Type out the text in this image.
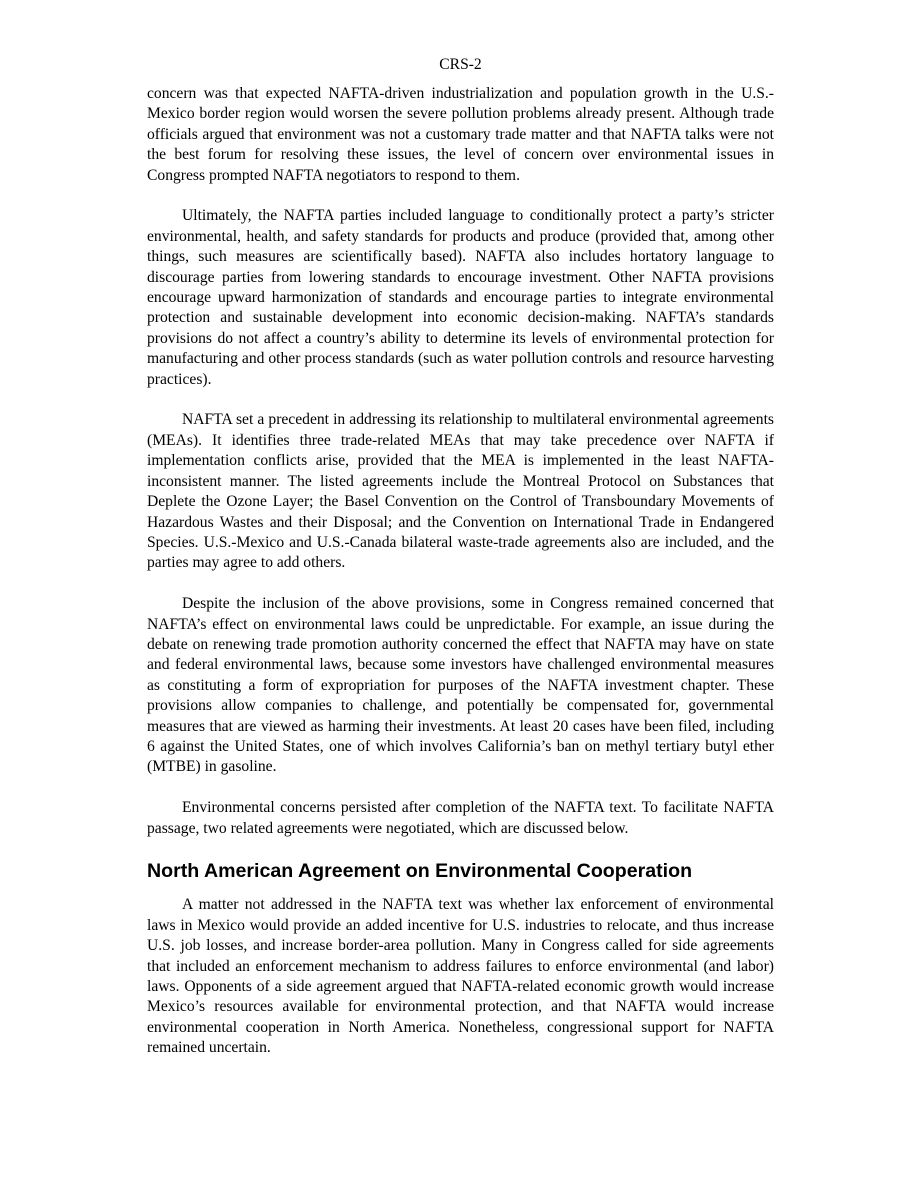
CRS-2

concern was that expected NAFTA-driven industrialization and population growth in the U.S.-Mexico border region would worsen the severe pollution problems already present. Although trade officials argued that environment was not a customary trade matter and that NAFTA talks were not the best forum for resolving these issues, the level of concern over environmental issues in Congress prompted NAFTA negotiators to respond to them.

Ultimately, the NAFTA parties included language to conditionally protect a party’s stricter environmental, health, and safety standards for products and produce (provided that, among other things, such measures are scientifically based). NAFTA also includes hortatory language to discourage parties from lowering standards to encourage investment. Other NAFTA provisions encourage upward harmonization of standards and encourage parties to integrate environmental protection and sustainable development into economic decision-making. NAFTA’s standards provisions do not affect a country’s ability to determine its levels of environmental protection for manufacturing and other process standards (such as water pollution controls and resource harvesting practices).

NAFTA set a precedent in addressing its relationship to multilateral environmental agreements (MEAs). It identifies three trade-related MEAs that may take precedence over NAFTA if implementation conflicts arise, provided that the MEA is implemented in the least NAFTA-inconsistent manner. The listed agreements include the Montreal Protocol on Substances that Deplete the Ozone Layer; the Basel Convention on the Control of Transboundary Movements of Hazardous Wastes and their Disposal; and the Convention on International Trade in Endangered Species. U.S.-Mexico and U.S.-Canada bilateral waste-trade agreements also are included, and the parties may agree to add others.

Despite the inclusion of the above provisions, some in Congress remained concerned that NAFTA’s effect on environmental laws could be unpredictable. For example, an issue during the debate on renewing trade promotion authority concerned the effect that NAFTA may have on state and federal environmental laws, because some investors have challenged environmental measures as constituting a form of expropriation for purposes of the NAFTA investment chapter. These provisions allow companies to challenge, and potentially be compensated for, governmental measures that are viewed as harming their investments. At least 20 cases have been filed, including 6 against the United States, one of which involves California’s ban on methyl tertiary butyl ether (MTBE) in gasoline.

Environmental concerns persisted after completion of the NAFTA text. To facilitate NAFTA passage, two related agreements were negotiated, which are discussed below.

North American Agreement on Environmental Cooperation

A matter not addressed in the NAFTA text was whether lax enforcement of environmental laws in Mexico would provide an added incentive for U.S. industries to relocate, and thus increase U.S. job losses, and increase border-area pollution. Many in Congress called for side agreements that included an enforcement mechanism to address failures to enforce environmental (and labor) laws. Opponents of a side agreement argued that NAFTA-related economic growth would increase Mexico’s resources available for environmental protection, and that NAFTA would increase environmental cooperation in North America. Nonetheless, congressional support for NAFTA remained uncertain.
